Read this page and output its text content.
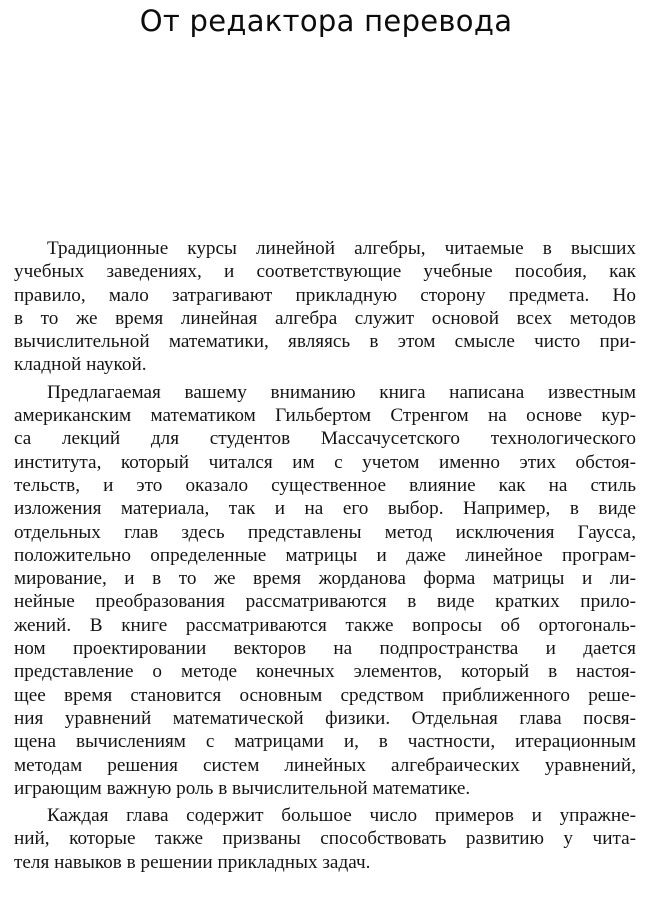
От редактора перевода
Традиционные курсы линейной алгебры, читаемые в высших
учебных заведениях, и соответствующие учебные пособия, как
правило, мало затрагивают прикладную сторону предмета. Но
в то же время линейная алгебра служит основой всех методов
вычислительной математики, являясь в этом смысле чисто при-
кладной наукой.
Предлагаемая вашему вниманию книга написана известным
американским математиком Гильбертом Стренгом на основе кур-
са лекций для студентов Массачусетского технологического
института, который читался им с учетом именно этих обстоя-
тельств, и это оказало существенное влияние как на стиль
изложения материала, так и на его выбор. Например, в виде
отдельных глав здесь представлены метод исключения Гаусса,
положительно определенные матрицы и даже линейное програм-
мирование, и в то же время жорданова форма матрицы и ли-
нейные преобразования рассматриваются в виде кратких прило-
жений. В книге рассматриваются также вопросы об ортогональ-
ном проектировании векторов на подпространства и дается
представление о методе конечных элементов, который в настоя-
щее время становится основным средством приближенного реше-
ния уравнений математической физики. Отдельная глава посвя-
щена вычислениям с матрицами и, в частности, итерационным
методам решения систем линейных алгебраических уравнений,
играющим важную роль в вычислительной математике.
Каждая глава содержит большое число примеров и упражне-
ний, которые также призваны способствовать развитию у чита-
теля навыков в решении прикладных задач.
